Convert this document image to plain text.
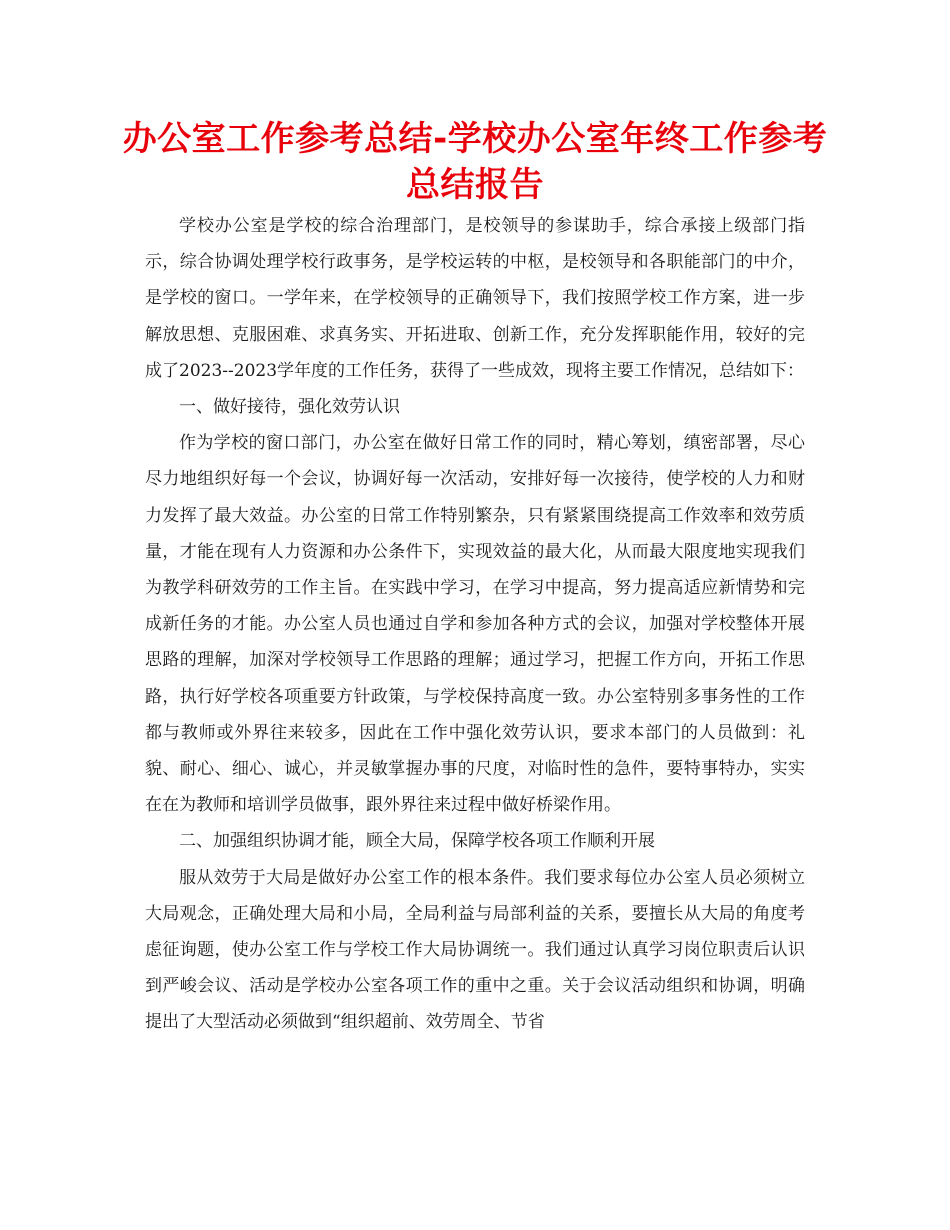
办公室工作参考总结-学校办公室年终工作参考总结报告

学校办公室是学校的综合治理部门，是校领导的参谋助手，综合承接上级部门指示，综合协调处理学校行政事务，是学校运转的中枢，是校领导和各职能部门的中介，是学校的窗口。一学年来，在学校领导的正确领导下，我们按照学校工作方案，进一步解放思想、克服困难、求真务实、开拓进取、创新工作，充分发挥职能作用，较好的完成了2023--2023学年度的工作任务，获得了一些成效，现将主要工作情况，总结如下：

一、做好接待，强化效劳认识

作为学校的窗口部门，办公室在做好日常工作的同时，精心筹划，缜密部署，尽心尽力地组织好每一个会议，协调好每一次活动，安排好每一次接待，使学校的人力和财力发挥了最大效益。办公室的日常工作特别繁杂，只有紧紧围绕提高工作效率和效劳质量，才能在现有人力资源和办公条件下，实现效益的最大化，从而最大限度地实现我们为教学科研效劳的工作主旨。在实践中学习，在学习中提高，努力提高适应新情势和完成新任务的才能。办公室人员也通过自学和参加各种方式的会议，加强对学校整体开展思路的理解，加深对学校领导工作思路的理解；通过学习，把握工作方向，开拓工作思路，执行好学校各项重要方针政策，与学校保持高度一致。办公室特别多事务性的工作都与教师或外界往来较多，因此在工作中强化效劳认识，要求本部门的人员做到：礼貌、耐心、细心、诚心，并灵敏掌握办事的尺度，对临时性的急件，要特事特办，实实在在为教师和培训学员做事，跟外界往来过程中做好桥梁作用。

二、加强组织协调才能，顾全大局，保障学校各项工作顺利开展

服从效劳于大局是做好办公室工作的根本条件。我们要求每位办公室人员必须树立大局观念，正确处理大局和小局，全局利益与局部利益的关系，要擅长从大局的角度考虑征询题，使办公室工作与学校工作大局协调统一。我们通过认真学习岗位职责后认识到严峻会议、活动是学校办公室各项工作的重中之重。关于会议活动组织和协调，明确提出了大型活动必须做到“组织超前、效劳周全、节省
